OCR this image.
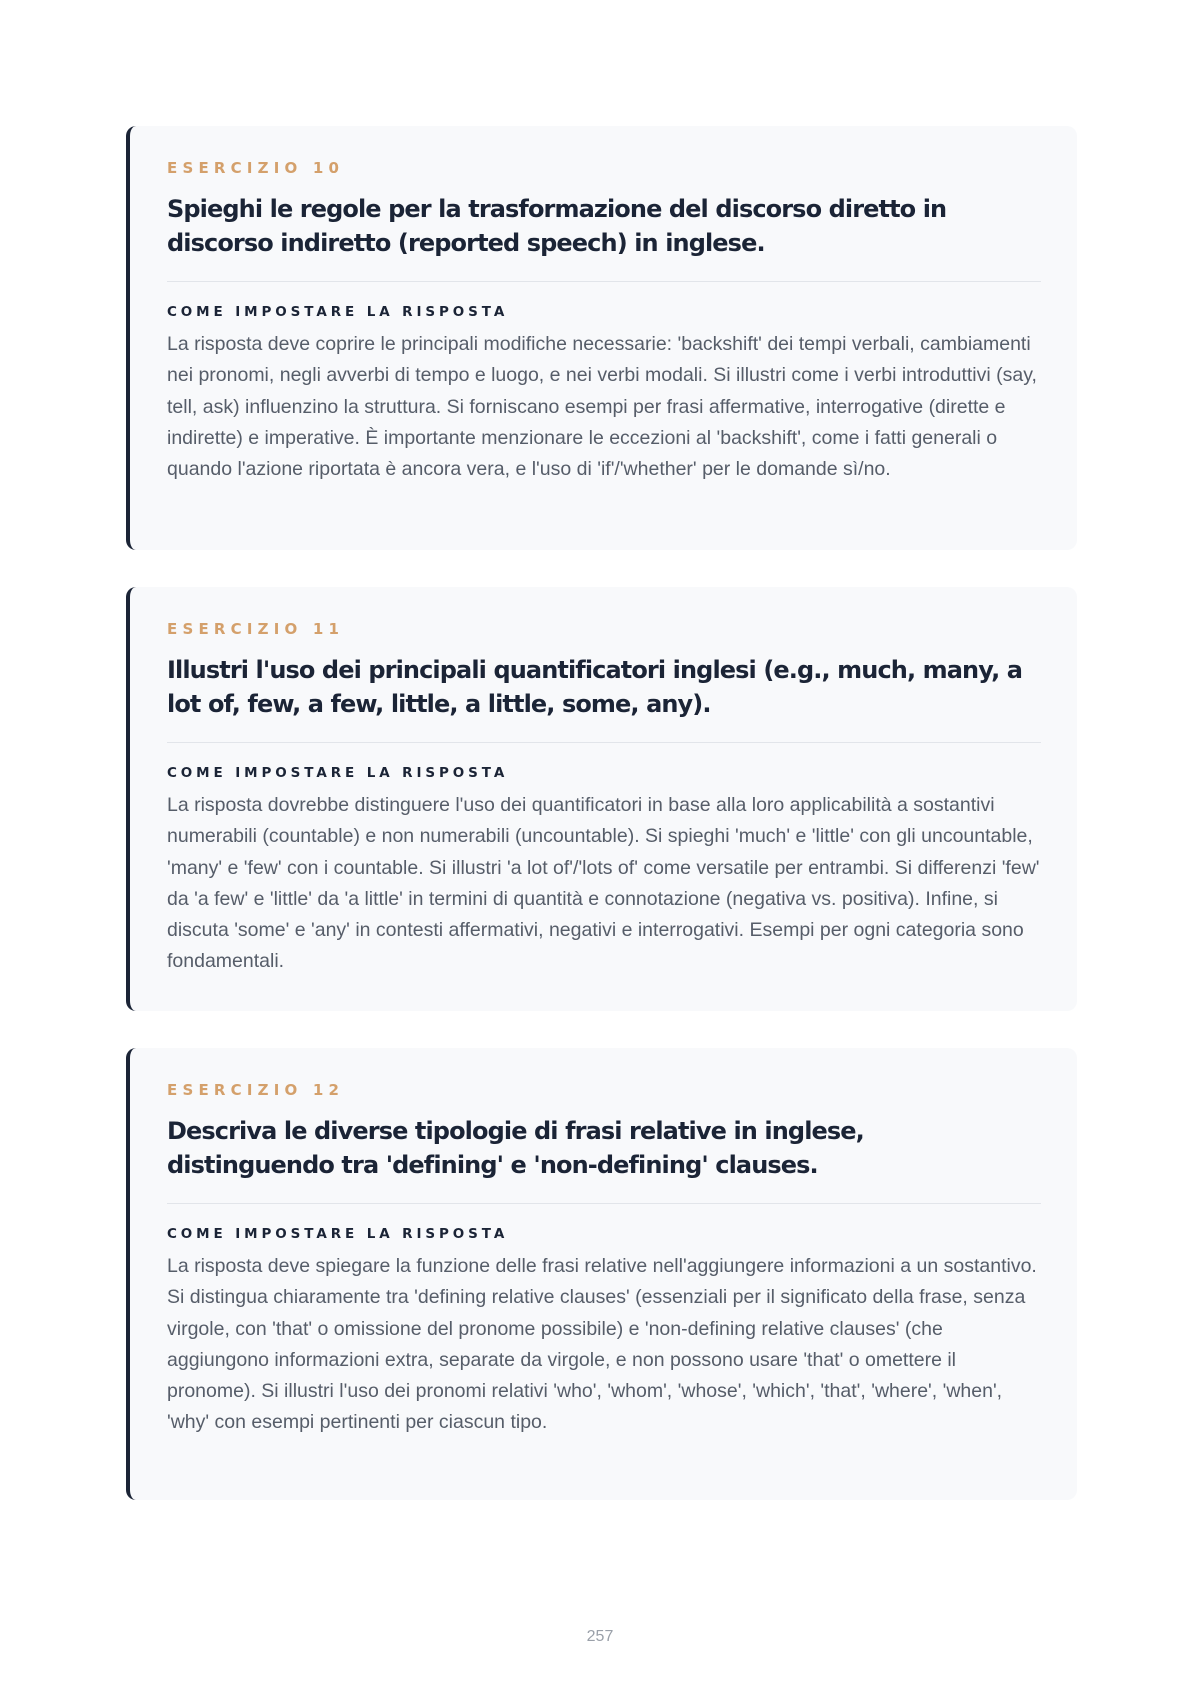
ESERCIZIO 10
Spieghi le regole per la trasformazione del discorso diretto in discorso indiretto (reported speech) in inglese.
COME IMPOSTARE LA RISPOSTA
La risposta deve coprire le principali modifiche necessarie: 'backshift' dei tempi verbali, cambiamenti nei pronomi, negli avverbi di tempo e luogo, e nei verbi modali. Si illustri come i verbi introduttivi (say, tell, ask) influenzino la struttura. Si forniscano esempi per frasi affermative, interrogative (dirette e indirette) e imperative. È importante menzionare le eccezioni al 'backshift', come i fatti generali o quando l'azione riportata è ancora vera, e l'uso di 'if'/'whether' per le domande sì/no.
ESERCIZIO 11
Illustri l'uso dei principali quantificatori inglesi (e.g., much, many, a lot of, few, a few, little, a little, some, any).
COME IMPOSTARE LA RISPOSTA
La risposta dovrebbe distinguere l'uso dei quantificatori in base alla loro applicabilità a sostantivi numerabili (countable) e non numerabili (uncountable). Si spieghi 'much' e 'little' con gli uncountable, 'many' e 'few' con i countable. Si illustri 'a lot of'/'lots of' come versatile per entrambi. Si differenzi 'few' da 'a few' e 'little' da 'a little' in termini di quantità e connotazione (negativa vs. positiva). Infine, si discuta 'some' e 'any' in contesti affermativi, negativi e interrogativi. Esempi per ogni categoria sono fondamentali.
ESERCIZIO 12
Descriva le diverse tipologie di frasi relative in inglese, distinguendo tra 'defining' e 'non-defining' clauses.
COME IMPOSTARE LA RISPOSTA
La risposta deve spiegare la funzione delle frasi relative nell'aggiungere informazioni a un sostantivo. Si distingua chiaramente tra 'defining relative clauses' (essenziali per il significato della frase, senza virgole, con 'that' o omissione del pronome possibile) e 'non-defining relative clauses' (che aggiungono informazioni extra, separate da virgole, e non possono usare 'that' o omettere il pronome). Si illustri l'uso dei pronomi relativi 'who', 'whom', 'whose', 'which', 'that', 'where', 'when', 'why' con esempi pertinenti per ciascun tipo.
257
